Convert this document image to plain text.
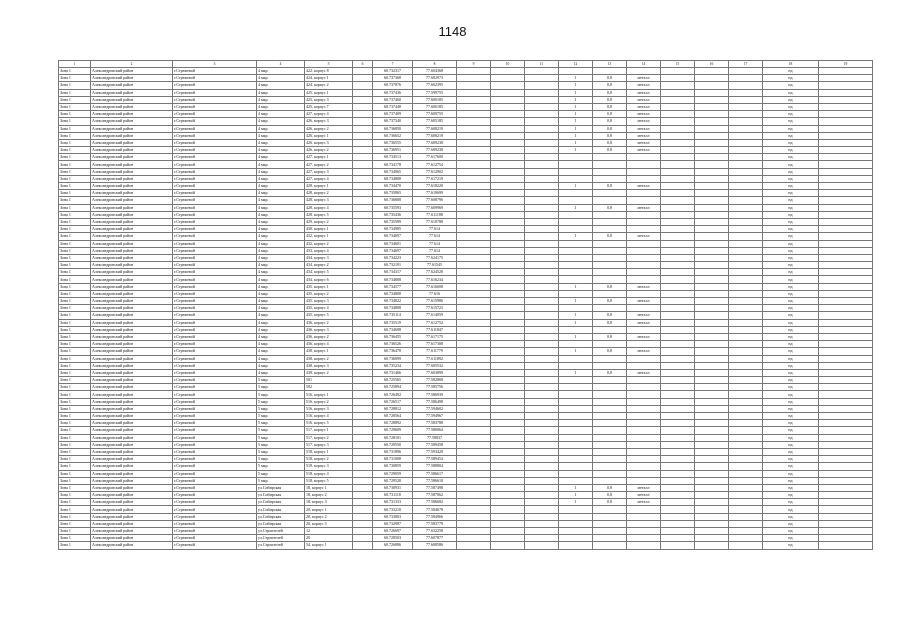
1148
1	2	3	4	5	6	7	8	9	10	11	12	13	14	15	16	17	18	19
Зона 1	Александровский район	г.Стрежевой	4 мкр.	422, корпус 8		60.732317	77.604368										нд	
Зона 1	Александровский район	г.Стрежевой	4 мкр.	424, корпус 1		60.737368	77.602973				1	0,8	металл				нд	
Зона 1	Александровский район	г.Стрежевой	4 мкр.	424, корпус 2		60.737876	77.602395				1	0,8	металл				нд	
Зона 1	Александровский район	г.Стрежевой	4 мкр.	425, корпус 1		60.737436	77.599755				1	0,8	металл				нд	
Зона 1	Александровский район	г.Стрежевой	4 мкр.	425, корпус 3		60.737460	77.600185				1	0,8	металл				нд	
Зона 1	Александровский район	г.Стрежевой	4 мкр.	425, корпус 7		60.737448	77.600185				1	0,8	металл				нд	
Зона 1	Александровский район	г.Стрежевой	4 мкр.	427, корпус 4		60.737409	77.609755				1	0,8	металл				нд	
Зона 1	Александровский район	г.Стрежевой	4 мкр.	426, корпус 3		60.737340	77.605185				1	0,8	металл				нд	
Зона 1	Александровский район	г.Стрежевой	4 мкр.	426, корпус 2		60.736850	77.608219				1	0,8	металл				нд	
Зона 1	Александровский район	г.Стрежевой	4 мкр.	426, корпус 1		60.736652	77.608219				1	0,8	металл				нд	
Зона 1	Александровский район	г.Стрежевой	4 мкр.	426, корпус 3		60.736555	77.609238				1	0,8	металл				нд	
Зона 1	Александровский район	г.Стрежевой	4 мкр.	426, корпус 2		60.736951	77.609238				1	0,8	металл				нд	
Зона 1	Александровский район	г.Стрежевой	4 мкр.	427, корпус 1		60.734513	77.617600										нд	
Зона 1	Александровский район	г.Стрежевой	4 мкр.	427, корпус 2		60.734178	77.612754										нд	
Зона 1	Александровский район	г.Стрежевой	4 мкр.	427, корпус 3		60.734065	77.612902										нд	
Зона 1	Александровский район	г.Стрежевой	4 мкр.	427, корпус 4		60.734808	77.617219										нд	
Зона 1	Александровский район	г.Стрежевой	4 мкр.	428, корпус 1		60.734470	77.618220				1	0,8	металл				нд	
Зона 1	Александровский район	г.Стрежевой	4 мкр.	428, корпус 2		60.735865	77.610699										нд	
Зона 1	Александровский район	г.Стрежевой	4 мкр.	428, корпус 3		60.736808	77.608796										нд	
Зона 1	Александровский район	г.Стрежевой	4 мкр.	428, корпус 4		60.735593	77.609969				1	0,8	металл				нд	
Зона 1	Александровский район	г.Стрежевой	4 мкр.	428, корпус 5		60.735436	77.611188										нд	
Зона 1	Александровский район	г.Стрежевой	4 мкр.	429, корпус 2		60.735589	77.610788										нд	
Зона 1	Александровский район	г.Стрежевой	4 мкр.	430, корпус 1		60.734985	77.614										нд	
Зона 1	Александровский район	г.Стрежевой	4 мкр.	432, корпус 1		60.734697	77.614				1	0,8	металл				нд	
Зона 1	Александровский район	г.Стрежевой	4 мкр.	432, корпус 2		60.734601	77.614										нд	
Зона 1	Александровский район	г.Стрежевой	4 мкр.	433, корпус 4		60.734697	77.614										нд	
Зона 1	Александровский район	г.Стрежевой	4 мкр.	434, корпус 3		60.734223	77.624175										нд	
Зона 1	Александровский район	г.Стрежевой	4 мкр.	434, корпус 2		60.732191	77.61545										нд	
Зона 1	Александровский район	г.Стрежевой	4 мкр.	434, корпус 5		60.734317	77.624528										нд	
Зона 1	Александровский район	г.Стрежевой	4 мкр.	434, корпус 6		60.734808	77.616234										нд	
Зона 1	Александровский район	г.Стрежевой	4 мкр.	435, корпус 1		60.734577	77.616008				1	0,8	металл				нд	
Зона 1	Александровский район	г.Стрежевой	4 мкр.	435, корпус 2		60.734808	77.616										нд	
Зона 1	Александровский район	г.Стрежевой	4 мкр.	435, корпус 3		60.734822	77.615986				1	0,8	металл				нд	
Зона 1	Александровский район	г.Стрежевой	4 мкр.	435, корпус 4		60.734808	77.615723										нд	
Зона 1	Александровский район	г.Стрежевой	4 мкр.	435, корпус 5		60.735114	77.614059				1	0,8	металл				нд	
Зона 1	Александровский район	г.Стрежевой	4 мкр.	436, корпус 2		60.735519	77.612752				1	0,8	металл				нд	
Зона 1	Александровский район	г.Стрежевой	4 мкр.	436, корпус 3		60.734698	77.611847										нд	
Зона 1	Александровский район	г.Стрежевой	4 мкр.	436, корпус 2		60.736455	77.617175				1	0,8	металл				нд	
Зона 1	Александровский район	г.Стрежевой	4 мкр.	436, корпус 4		60.736526	77.617308										нд	
Зона 1	Александровский район	г.Стрежевой	4 мкр.	438, корпус 1		60.736478	77.611779				1	0,8	металл				нд	
Зона 1	Александровский район	г.Стрежевой	4 мкр.	438, корпус 2		60.736099	77.611892										нд	
Зона 1	Александровский район	г.Стрежевой	4 мкр.	438, корпус 3		60.735234	77.605532										нд	
Зона 1	Александровский район	г.Стрежевой	4 мкр.	439, корпус 2		60.731466	77.603899				1	0,8	металл				нд	
Зона 1	Александровский район	г.Стрежевой	5 мкр.	501		60.725565	77.582868										нд	
Зона 1	Александровский район	г.Стрежевой	5 мкр.	502		60.725894	77.585756										нд	
Зона 1	Александровский район	г.Стрежевой	5 мкр.	516, корпус 1		60.726492	77.586939										нд	
Зона 1	Александровский район	г.Стрежевой	5 мкр.	516, корпус 2		60.726517	77.586498										нд	
Зона 1	Александровский район	г.Стрежевой	5 мкр.	516, корпус 3		60.728812	77.594602										нд	
Зона 1	Александровский район	г.Стрежевой	5 мкр.	516, корпус 4		60.728564	77.594967										нд	
Зона 1	Александровский район	г.Стрежевой	5 мкр.	516, корпус 5		60.728892	77.583788										нд	
Зона 1	Александровский район	г.Стрежевой	5 мкр.	517, корпус 1		60.729609	77.580064										нд	
Зона 1	Александровский район	г.Стрежевой	5 мкр.	517, корпус 2		60.728101	77.58837										нд	
Зона 1	Александровский район	г.Стрежевой	5 мкр.	517, корпус 3		60.729550	77.589458										нд	
Зона 1	Александровский район	г.Стрежевой	5 мкр.	518, корпус 1		60.731896	77.593429										нд	
Зона 1	Александровский район	г.Стрежевой	5 мкр.	518, корпус 2		60.731008	77.589454										нд	
Зона 1	Александровский район	г.Стрежевой	5 мкр.	518, корпус 3		60.730859	77.588804										нд	
Зона 1	Александровский район	г.Стрежевой	5 мкр.	518, корпус 4		60.729059	77.586617										нд	
Зона 1	Александровский район	г.Стрежевой	5 мкр.	518, корпус 5		60.729528	77.586610										нд	
Зона 1	Александровский район	г.Стрежевой	ул.Сибирская	18, корпус 1		60.730931	77.587498				1	0,8	металл				нд	
Зона 1	Александровский район	г.Стрежевой	ул.Сибирская	18, корпус 2		60.731118	77.587062				1	0,8	металл				нд	
Зона 1	Александровский район	г.Стрежевой	ул.Сибирская	18, корпус 3		60.731333	77.586682				1	0,8	металл				нд	
Зона 1	Александровский район	г.Стрежевой	ул.Сибирская	20, корпус 1		60.733210	77.584678										нд	
Зона 1	Александровский район	г.Стрежевой	ул.Сибирская	20, корпус 2		60.733803	77.584966										нд	
Зона 1	Александровский район	г.Стрежевой	ул.Сибирская	20, корпус 3		60.732987	77.583779										нд	
Зона 1	Александровский район	г.Стрежевой	ул.Строителей	12		60.726697	77.632258										нд	
Зона 1	Александровский район	г.Стрежевой	ул.Строителей	20		60.728503	77.607877										нд	
Зона 1	Александровский район	г.Стрежевой	ул.Строителей	54, корпус 1		60.726886	77.608586										нд	
